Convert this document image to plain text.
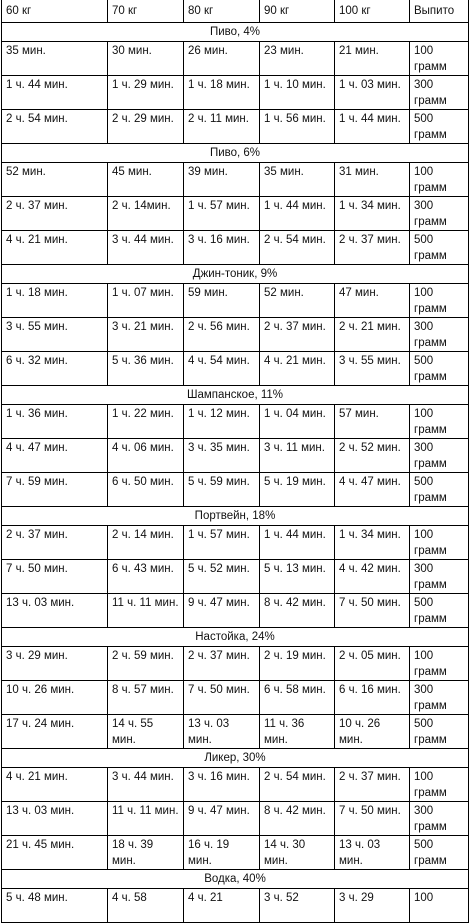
60 кг	70 кг	80 кг	90 кг	100 кг	Выпито
Пиво, 4%					
35 мин.	30 мин.	26 мин.	23 мин.	21 мин.	100 грамм
1 ч. 44 мин.	1 ч. 29 мин.	1 ч. 18 мин.	1 ч. 10 мин.	1 ч. 03 мин.	300 грамм
2 ч. 54 мин.	2 ч. 29 мин.	2 ч. 11 мин.	1 ч. 56 мин.	1 ч. 44 мин.	500 грамм
Пиво, 6%					
52 мин.	45 мин.	39 мин.	35 мин.	31 мин.	100 грамм
2 ч. 37 мин.	2 ч. 14мин.	1 ч. 57 мин.	1 ч. 44 мин.	1 ч. 34 мин.	300 грамм
4 ч. 21 мин.	3 ч. 44 мин.	3 ч. 16 мин.	2 ч. 54 мин.	2 ч. 37 мин.	500 грамм
Джин-тоник, 9%					
1 ч. 18 мин.	1 ч. 07 мин.	59 мин.	52 мин.	47 мин.	100 грамм
3 ч. 55 мин.	3 ч. 21 мин.	2 ч. 56 мин.	2 ч. 37 мин.	2 ч. 21 мин.	300 грамм
6 ч. 32 мин.	5 ч. 36 мин.	4 ч. 54 мин.	4 ч. 21 мин.	3 ч. 55 мин.	500 грамм
Шампанское, 11%					
1 ч. 36 мин.	1 ч. 22 мин.	1 ч. 12 мин.	1 ч. 04 мин.	57 мин.	100 грамм
4 ч. 47 мин.	4 ч. 06 мин.	3 ч. 35 мин.	3 ч. 11 мин.	2 ч. 52 мин.	300 грамм
7 ч. 59 мин.	6 ч. 50 мин.	5 ч. 59 мин.	5 ч. 19 мин.	4 ч. 47 мин.	500 грамм
Портвейн, 18%					
2 ч. 37 мин.	2 ч. 14 мин.	1 ч. 57 мин.	1 ч. 44 мин.	1 ч. 34 мин.	100 грамм
7 ч. 50 мин.	6 ч. 43 мин.	5 ч. 52 мин.	5 ч. 13 мин.	4 ч. 42 мин.	300 грамм
13 ч. 03 мин.	11 ч. 11 мин.	9 ч. 47 мин.	8 ч. 42 мин.	7 ч. 50 мин.	500 грамм
Настойка, 24%					
3 ч. 29 мин.	2 ч. 59 мин.	2 ч. 37 мин.	2 ч. 19 мин.	2 ч. 05 мин.	100 грамм
10 ч. 26 мин.	8 ч. 57 мин.	7 ч. 50 мин.	6 ч. 58 мин.	6 ч. 16 мин.	300 грамм
17 ч. 24 мин.	14 ч. 55 мин.	13 ч. 03 мин.	11 ч. 36 мин.	10 ч. 26 мин.	500 грамм
Ликер, 30%					
4 ч. 21 мин.	3 ч. 44 мин.	3 ч. 16 мин.	2 ч. 54 мин.	2 ч. 37 мин.	100 грамм
13 ч. 03 мин.	11 ч. 11 мин.	9 ч. 47 мин.	8 ч. 42 мин.	7 ч. 50 мин.	300 грамм
21 ч. 45 мин.	18 ч. 39 мин.	16 ч. 19 мин.	14 ч. 30 мин.	13 ч. 03 мин.	500 грамм
Водка, 40%					
5 ч. 48 мин.	4 ч. 58	4 ч. 21	3 ч. 52	3 ч. 29	100
